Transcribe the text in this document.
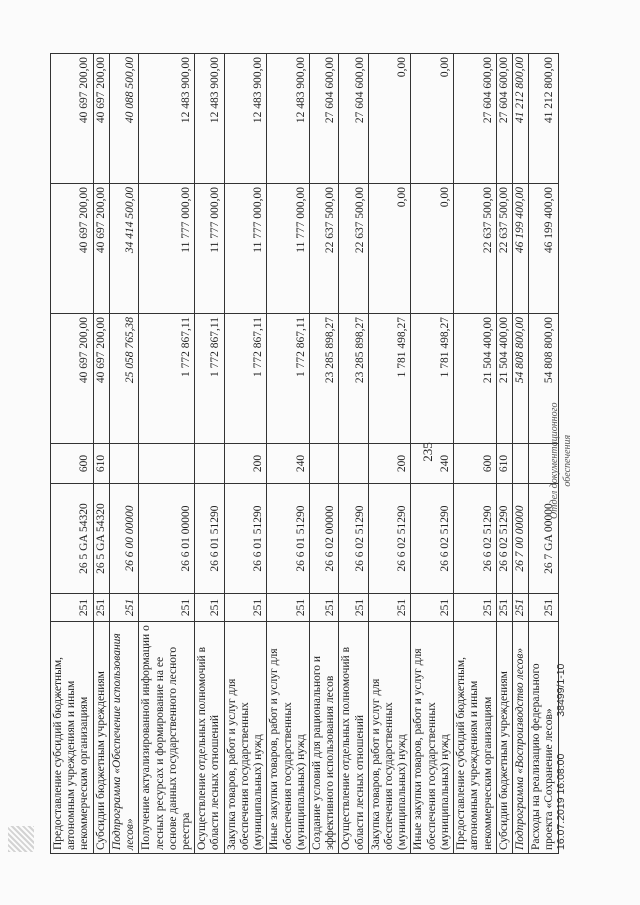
235
Предоставление субсидий бюджетным, автономным учреждениям и иным некоммерческим организациям	251	26 5 GA 54320	600	40 697 200,00	40 697 200,00	40 697 200,00
Субсидии бюджетным учреждениям	251	26 5 GA 54320	610	40 697 200,00	40 697 200,00	40 697 200,00
Подпрограмма «Обеспечение использования лесов»	251	26 6 00 00000		25 058 765,38	34 414 500,00	40 088 500,00
Получение актуализированной информации о лесных ресурсах и формирование на ее основе данных государственного лесного реестра	251	26 6 01 00000		1 772 867,11	11 777 000,00	12 483 900,00
Осуществление отдельных полномочий в области лесных отношений	251	26 6 01 51290		1 772 867,11	11 777 000,00	12 483 900,00
Закупка товаров, работ и услуг для обеспечения государственных (муниципальных) нужд	251	26 6 01 51290	200	1 772 867,11	11 777 000,00	12 483 900,00
Иные закупки товаров, работ и услуг для обеспечения государственных (муниципальных) нужд	251	26 6 01 51290	240	1 772 867,11	11 777 000,00	12 483 900,00
Создание условий для рационального и эффективного использования лесов	251	26 6 02 00000		23 285 898,27	22 637 500,00	27 604 600,00
Осуществление отдельных полномочий в области лесных отношений	251	26 6 02 51290		23 285 898,27	22 637 500,00	27 604 600,00
Закупка товаров, работ и услуг для обеспечения государственных (муниципальных) нужд	251	26 6 02 51290	200	1 781 498,27	0,00	0,00
Иные закупки товаров, работ и услуг для обеспечения государственных (муниципальных) нужд	251	26 6 02 51290	240	1 781 498,27	0,00	0,00
Предоставление субсидий бюджетным, автономным учреждениям и иным некоммерческим организациям	251	26 6 02 51290	600	21 504 400,00	22 637 500,00	27 604 600,00
Субсидии бюджетным учреждениям	251	26 6 02 51290	610	21 504 400,00	22 637 500,00	27 604 600,00
Подпрограмма «Воспроизводство лесов»	251	26 7 00 00000		54 808 800,00	46 199 400,00	41 212 800,00
Расходы на реализацию федерального проекта «Сохранение лесов»	251	26 7 GA 00000		54 808 800,00	46 199 400,00	41 212 800,00
16.07.2019 16:08:00 38499/1-10
Отдел документационного обеспечения
